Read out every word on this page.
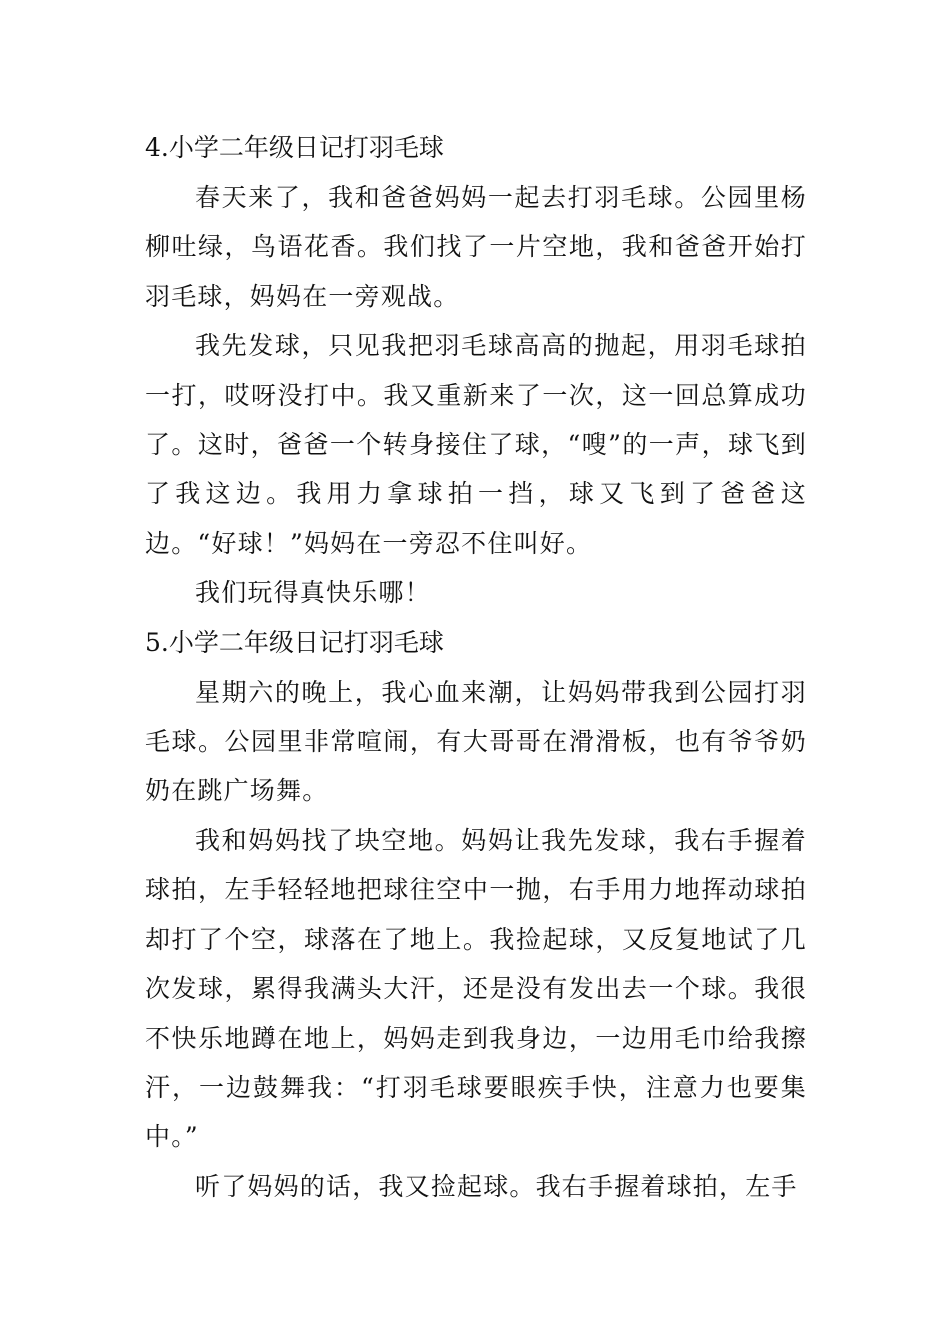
4.小学二年级日记打羽毛球

春天来了，我和爸爸妈妈一起去打羽毛球。公园里杨柳吐绿，鸟语花香。我们找了一片空地，我和爸爸开始打羽毛球，妈妈在一旁观战。

我先发球，只见我把羽毛球高高的抛起，用羽毛球拍一打，哎呀没打中。我又重新来了一次，这一回总算成功了。这时，爸爸一个转身接住了球，“嗖”的一声，球飞到了我这边。我用力拿球拍一挡，球又飞到了爸爸这边。“好球！”妈妈在一旁忍不住叫好。

我们玩得真快乐哪！

5.小学二年级日记打羽毛球

星期六的晚上，我心血来潮，让妈妈带我到公园打羽毛球。公园里非常喧闹，有大哥哥在滑滑板，也有爷爷奶奶在跳广场舞。

我和妈妈找了块空地。妈妈让我先发球，我右手握着球拍，左手轻轻地把球往空中一抛，右手用力地挥动球拍却打了个空，球落在了地上。我捡起球，又反复地试了几次发球，累得我满头大汗，还是没有发出去一个球。我很不快乐地蹲在地上，妈妈走到我身边，一边用毛巾给我擦汗，一边鼓舞我：“打羽毛球要眼疾手快，注意力也要集中。”

听了妈妈的话，我又捡起球。我右手握着球拍，左手
